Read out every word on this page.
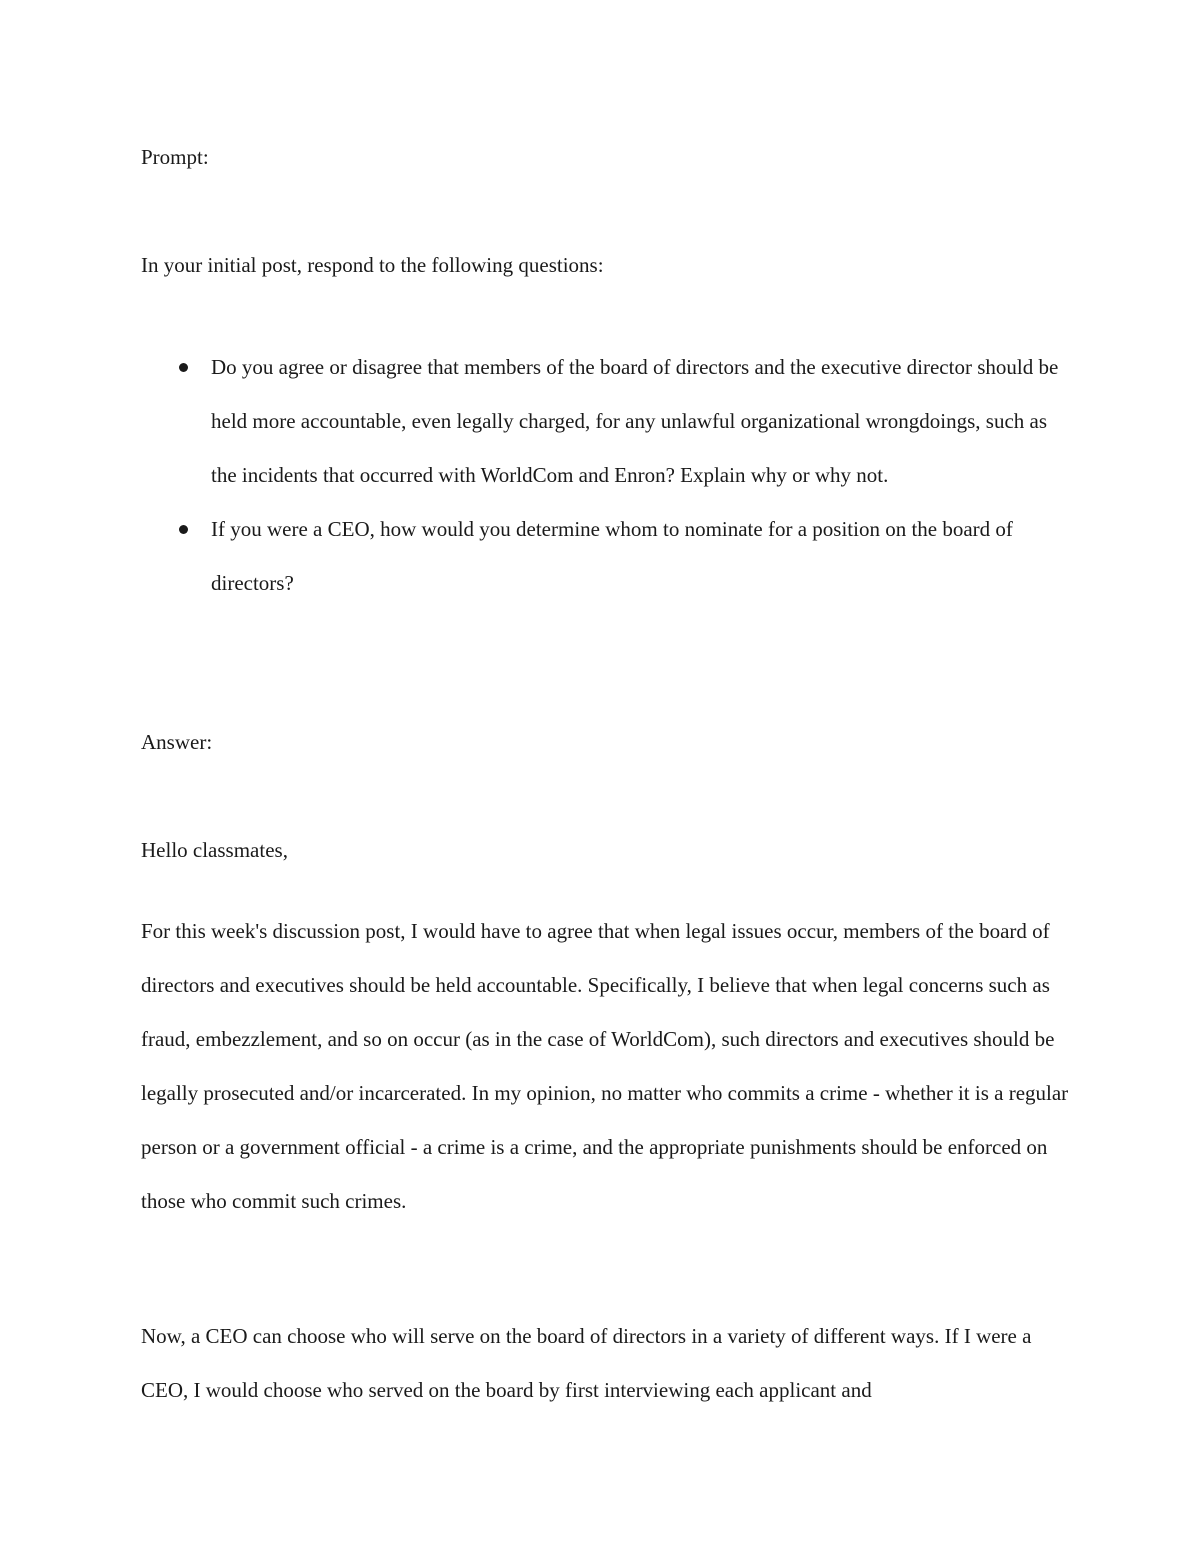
Prompt:

In your initial post, respond to the following questions:

Do you agree or disagree that members of the board of directors and the executive director should be held more accountable, even legally charged, for any unlawful organizational wrongdoings, such as the incidents that occurred with WorldCom and Enron? Explain why or why not.
If you were a CEO, how would you determine whom to nominate for a position on the board of directors?

Answer:

Hello classmates,

For this week's discussion post, I would have to agree that when legal issues occur, members of the board of directors and executives should be held accountable. Specifically, I believe that when legal concerns such as fraud, embezzlement, and so on occur (as in the case of WorldCom), such directors and executives should be legally prosecuted and/or incarcerated. In my opinion, no matter who commits a crime - whether it is a regular person or a government official - a crime is a crime, and the appropriate punishments should be enforced on those who commit such crimes.

Now, a CEO can choose who will serve on the board of directors in a variety of different ways. If I were a CEO, I would choose who served on the board by first interviewing each applicant and
